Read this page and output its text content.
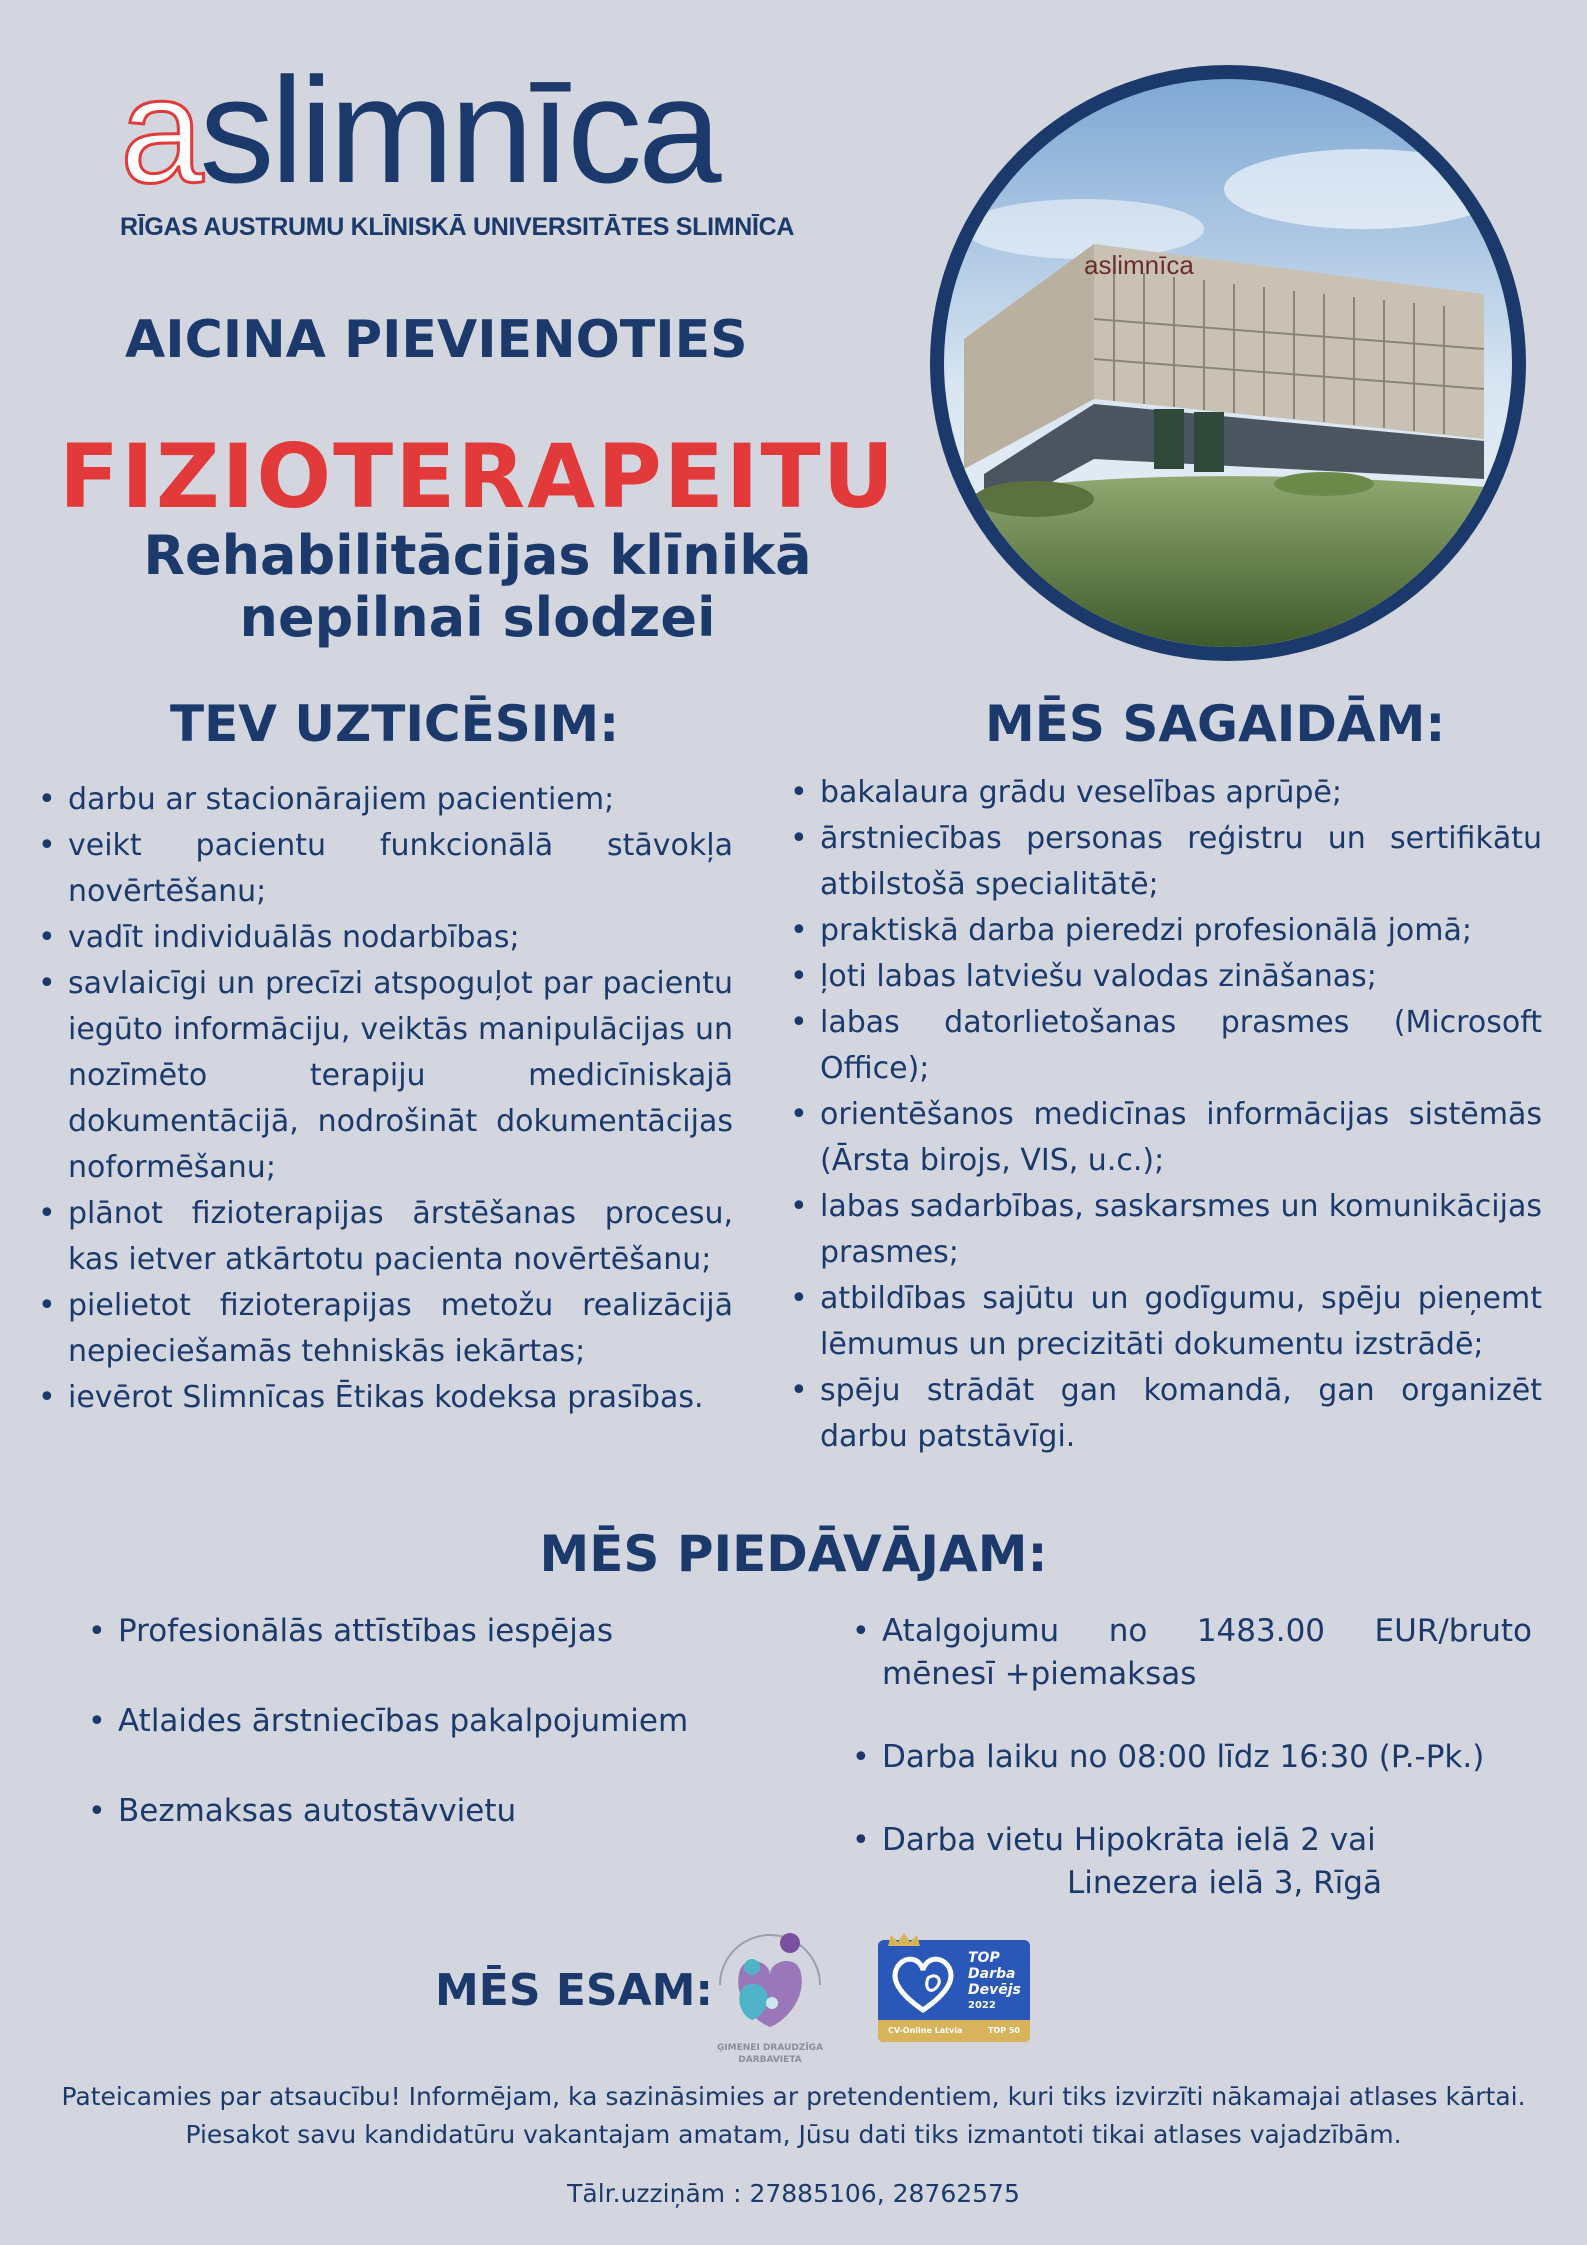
aslimnīca
RĪGAS AUSTRUMU KLĪNISKĀ UNIVERSITĀTES SLIMNĪCA
AICINA PIEVIENOTIES
FIZIOTERAPEITU
Rehabilitācijas klīnikā
nepilnai slodzei
aslimnīca
TEV UZTICĒSIM:
• darbu ar stacionārajiem pacientiem;
• veikt pacientu funkcionālā stāvokļa novērtēšanu;
• vadīt individuālās nodarbības;
• savlaicīgi un precīzi atspoguļot par pacientu iegūto informāciju, veiktās manipulācijas un nozīmēto terapiju medicīniskajā dokumentācijā, nodrošināt dokumentācijas noformēšanu;
• plānot fizioterapijas ārstēšanas procesu, kas ietver atkārtotu pacienta novērtēšanu;
• pielietot fizioterapijas metožu realizācijā nepieciešamās tehniskās iekārtas;
• ievērot Slimnīcas Ētikas kodeksa prasības.
MĒS SAGAIDĀM:
• bakalaura grādu veselības aprūpē;
• ārstniecības personas reģistru un sertifikātu atbilstošā specialitātē;
• praktiskā darba pieredzi profesionālā jomā;
• ļoti labas latviešu valodas zināšanas;
• labas datorlietošanas prasmes (Microsoft Office);
• orientēšanos medicīnas informācijas sistēmās (Ārsta birojs, VIS, u.c.);
• labas sadarbības, saskarsmes un komunikācijas prasmes;
• atbildības sajūtu un godīgumu, spēju pieņemt lēmumus un precizitāti dokumentu izstrādē;
• spēju strādāt gan komandā, gan organizēt darbu patstāvīgi.
MĒS PIEDĀVĀJAM:
• Profesionālās attīstības iespējas
• Atlaides ārstniecības pakalpojumiem
• Bezmaksas autostāvvietu
• Atalgojumu no 1483.00 EUR/bruto mēnesī +piemaksas
• Darba laiku no 08:00 līdz 16:30 (P.-Pk.)
• Darba vietu Hipokrāta ielā 2 vai
Linezera ielā 3, Rīgā
MĒS ESAM:
ĢIMENEI DRAUDZĪGA
DARBAVIETA
TOP
Darba
Devējs
2022
CV-Online Latvia	TOP 50
Pateicamies par atsaucību! Informējam, ka sazināsimies ar pretendentiem, kuri tiks izvirzīti nākamajai atlases kārtai.
Piesakot savu kandidatūru vakantajam amatam, Jūsu dati tiks izmantoti tikai atlases vajadzībām.
Tālr.uzziņām : 27885106, 28762575
